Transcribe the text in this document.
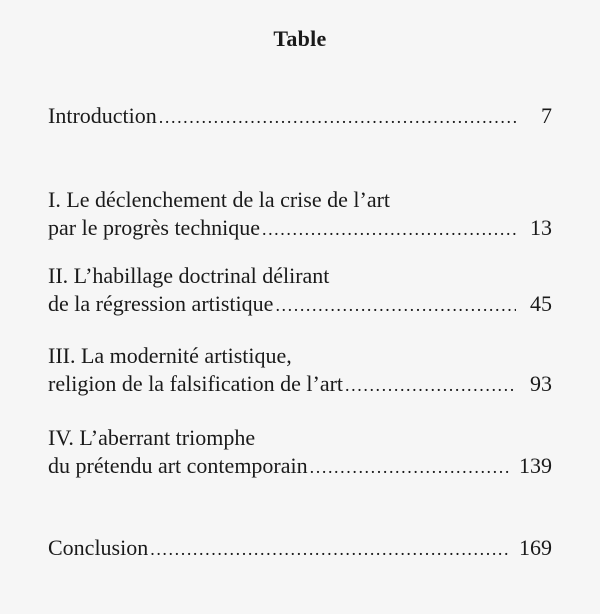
Table
Introduction .....	7
I. Le déclenchement de la crise de l’art
par le progrès technique .....	13
II. L’habillage doctrinal délirant
de la régression artistique .....	45
III. La modernité artistique,
religion de la falsification de l’art .....	93
IV. L’aberrant triomphe
du prétendu art contemporain .....	139
Conclusion .....	169
